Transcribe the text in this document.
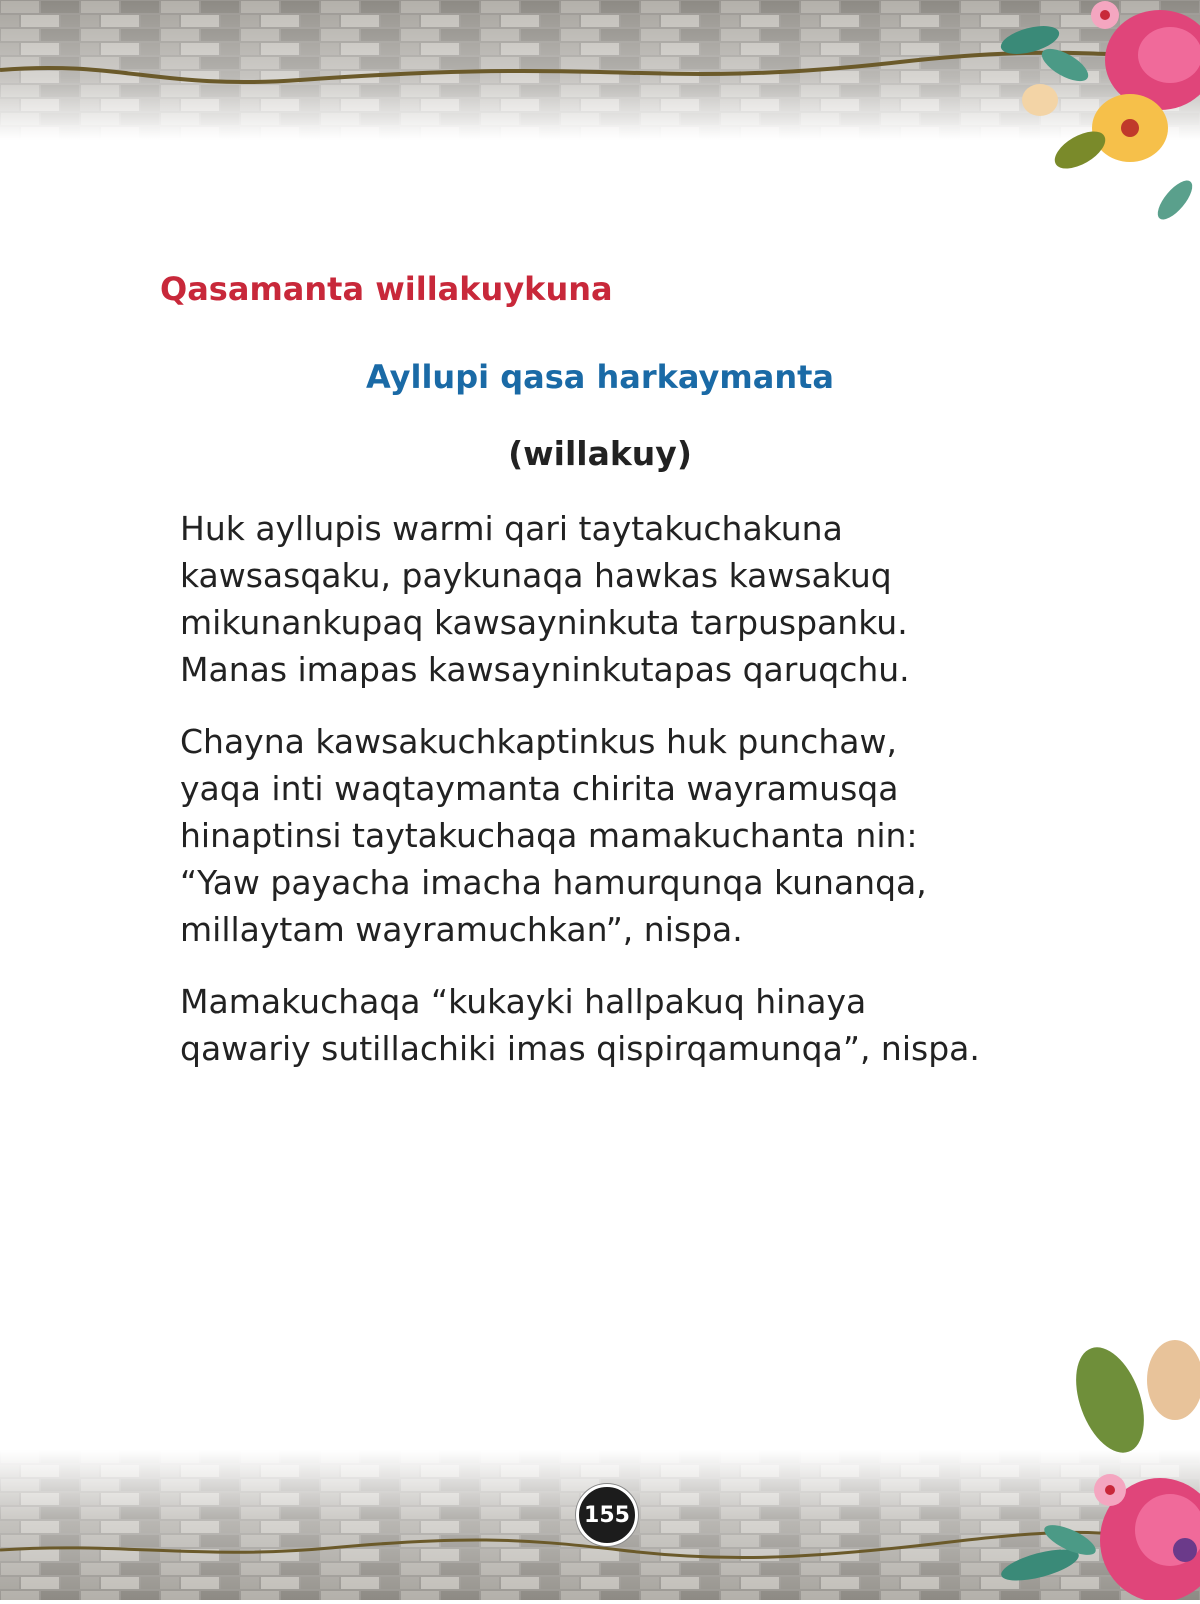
Qasamanta willakuykuna
Ayllupi qasa harkaymanta
(willakuy)

Huk ayllupis warmi qari taytakuchakuna
kawsasqaku, paykunaqa hawkas kawsakuq
mikunankupaq kawsayninkuta tarpuspanku.
Manas imapas kawsayninkutapas qaruqchu.

Chayna kawsakuchkaptinkus huk punchaw,
yaqa inti waqtaymanta chirita wayramusqa
hinaptinsi taytakuchaqa mamakuchanta nin:
“Yaw payacha imacha hamurqunqa kunanqa,
millaytam wayramuchkan”, nispa.

Mamakuchaqa “kukayki hallpakuq hinaya
qawariy sutillachiki imas qispirqamunqa”, nispa.

155
